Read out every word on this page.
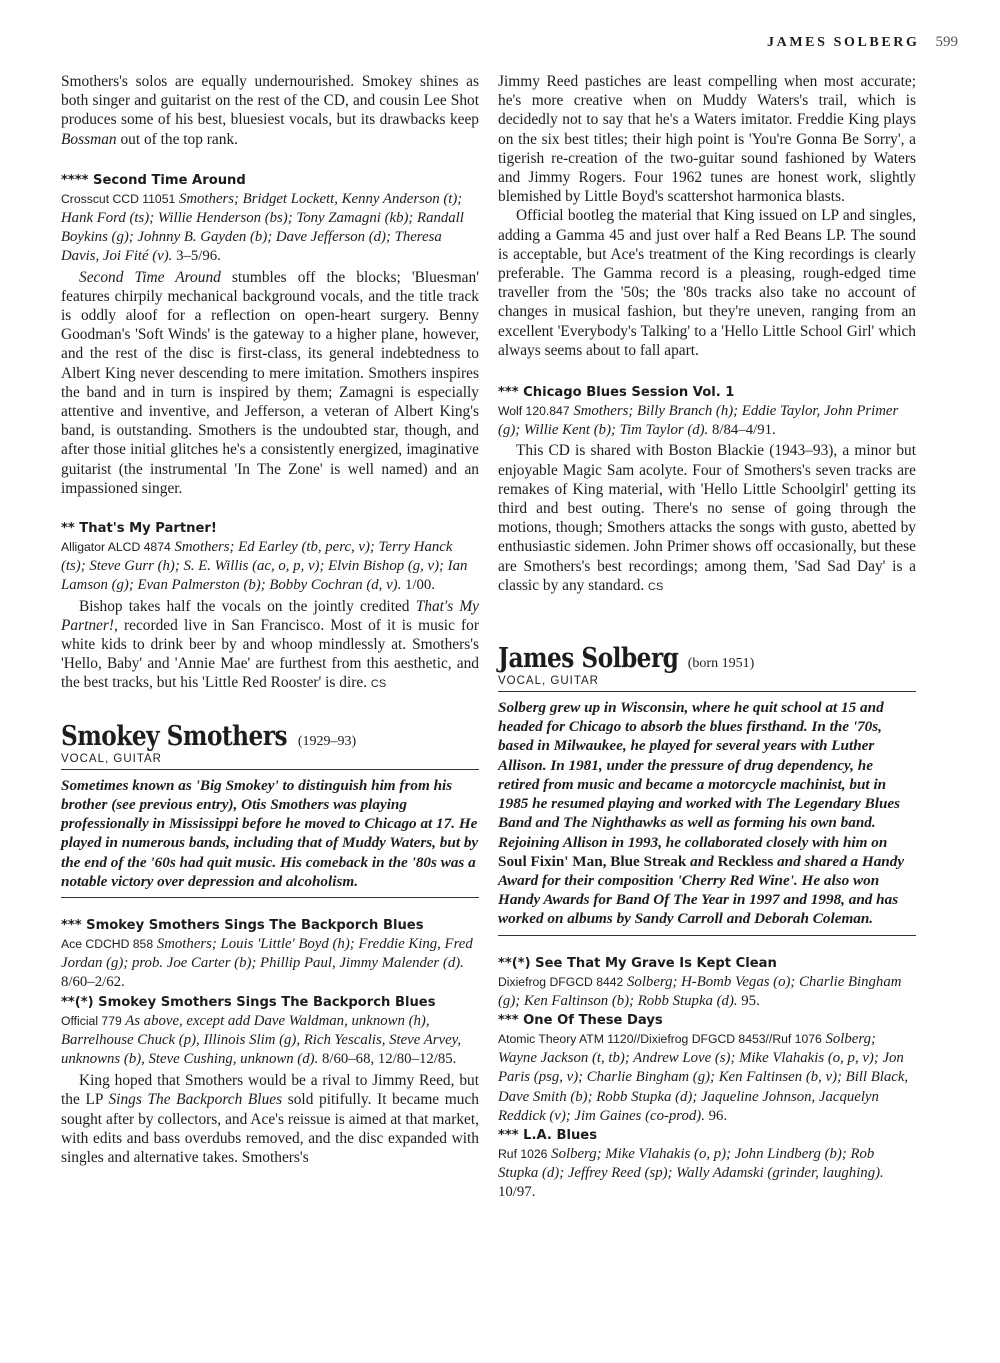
JAMES SOLBERG 599

Smothers's solos are equally undernourished. Smokey shines as both singer and guitarist on the rest of the CD, and cousin Lee Shot produces some of his best, bluesiest vocals, but its drawbacks keep Bossman out of the top rank.

**** Second Time Around

Crosscut CCD 11051 Smothers; Bridget Lockett, Kenny Anderson (t); Hank Ford (ts); Willie Henderson (bs); Tony Zamagni (kb); Randall Boykins (g); Johnny B. Gayden (b); Dave Jefferson (d); Theresa Davis, Joi Fité (v). 3–5/96.

Second Time Around stumbles off the blocks; 'Bluesman' features chirpily mechanical background vocals, and the title track is oddly aloof for a reflection on open-heart surgery. Benny Goodman's 'Soft Winds' is the gateway to a higher plane, however, and the rest of the disc is first-class, its general indebtedness to Albert King never descending to mere imitation. Smothers inspires the band and in turn is inspired by them; Zamagni is especially attentive and inventive, and Jefferson, a veteran of Albert King's band, is outstanding. Smothers is the undoubted star, though, and after those initial glitches he's a consistently energized, imaginative guitarist (the instrumental 'In The Zone' is well named) and an impassioned singer.

** That's My Partner!

Alligator ALCD 4874 Smothers; Ed Earley (tb, perc, v); Terry Hanck (ts); Steve Gurr (h); S. E. Willis (ac, o, p, v); Elvin Bishop (g, v); Ian Lamson (g); Evan Palmerston (b); Bobby Cochran (d, v). 1/00.

Bishop takes half the vocals on the jointly credited That's My Partner!, recorded live in San Francisco. Most of it is music for white kids to drink beer by and whoop mindlessly at. Smothers's 'Hello, Baby' and 'Annie Mae' are furthest from this aesthetic, and the best tracks, but his 'Little Red Rooster' is dire. CS

Smokey Smothers (1929–93)
VOCAL, GUITAR
Sometimes known as 'Big Smokey' to distinguish him from his brother (see previous entry), Otis Smothers was playing professionally in Mississippi before he moved to Chicago at 17. He played in numerous bands, including that of Muddy Waters, but by the end of the '60s had quit music. His comeback in the '80s was a notable victory over depression and alcoholism.
*** Smokey Smothers Sings The Backporch Blues

Ace CDCHD 858 Smothers; Louis 'Little' Boyd (h); Freddie King, Fred Jordan (g); prob. Joe Carter (b); Phillip Paul, Jimmy Malender (d). 8/60–2/62.

**(*) Smokey Smothers Sings The Backporch Blues

Official 779 As above, except add Dave Waldman, unknown (h), Barrelhouse Chuck (p), Illinois Slim (g), Rich Yescalis, Steve Arvey, unknowns (b), Steve Cushing, unknown (d). 8/60–68, 12/80–12/85.

King hoped that Smothers would be a rival to Jimmy Reed, but the LP Sings The Backporch Blues sold pitifully. It became much sought after by collectors, and Ace's reissue is aimed at that market, with edits and bass overdubs removed, and the disc expanded with singles and alternative takes. Smothers's

Jimmy Reed pastiches are least compelling when most accurate; he's more creative when on Muddy Waters's trail, which is decidedly not to say that he's a Waters imitator. Freddie King plays on the six best titles; their high point is 'You're Gonna Be Sorry', a tigerish re-creation of the two-guitar sound fashioned by Waters and Jimmy Rogers. Four 1962 tunes are honest work, slightly blemished by Little Boyd's scattershot harmonica blasts.

Official bootleg the material that King issued on LP and singles, adding a Gamma 45 and just over half a Red Beans LP. The sound is acceptable, but Ace's treatment of the King recordings is clearly preferable. The Gamma record is a pleasing, rough-edged time traveller from the '50s; the '80s tracks also take no account of changes in musical fashion, but they're uneven, ranging from an excellent 'Everybody's Talking' to a 'Hello Little School Girl' which always seems about to fall apart.

*** Chicago Blues Session Vol. 1

Wolf 120.847 Smothers; Billy Branch (h); Eddie Taylor, John Primer (g); Willie Kent (b); Tim Taylor (d). 8/84–4/91.

This CD is shared with Boston Blackie (1943–93), a minor but enjoyable Magic Sam acolyte. Four of Smothers's seven tracks are remakes of King material, with 'Hello Little Schoolgirl' getting its third and best outing. There's no sense of going through the motions, though; Smothers attacks the songs with gusto, abetted by enthusiastic sidemen. John Primer shows off occasionally, but these are Smothers's best recordings; among them, 'Sad Sad Day' is a classic by any standard. CS

James Solberg (born 1951)
VOCAL, GUITAR
Solberg grew up in Wisconsin, where he quit school at 15 and headed for Chicago to absorb the blues firsthand. In the '70s, based in Milwaukee, he played for several years with Luther Allison. In 1981, under the pressure of drug dependency, he retired from music and became a motorcycle machinist, but in 1985 he resumed playing and worked with The Legendary Blues Band and The Nighthawks as well as forming his own band. Rejoining Allison in 1993, he collaborated closely with him on Soul Fixin' Man, Blue Streak and Reckless and shared a Handy Award for their composition 'Cherry Red Wine'. He also won Handy Awards for Band Of The Year in 1997 and 1998, and has worked on albums by Sandy Carroll and Deborah Coleman.
**(*) See That My Grave Is Kept Clean

Dixiefrog DFGCD 8442 Solberg; H-Bomb Vegas (o); Charlie Bingham (g); Ken Faltinson (b); Robb Stupka (d). 95.

*** One Of These Days

Atomic Theory ATM 1120//Dixiefrog DFGCD 8453//Ruf 1076 Solberg; Wayne Jackson (t, tb); Andrew Love (s); Mike Vlahakis (o, p, v); Jon Paris (psg, v); Charlie Bingham (g); Ken Faltinsen (b, v); Bill Black, Dave Smith (b); Robb Stupka (d); Jaqueline Johnson, Jacquelyn Reddick (v); Jim Gaines (co-prod). 96.

*** L.A. Blues

Ruf 1026 Solberg; Mike Vlahakis (o, p); John Lindberg (b); Rob Stupka (d); Jeffrey Reed (sp); Wally Adamski (grinder, laughing). 10/97.
